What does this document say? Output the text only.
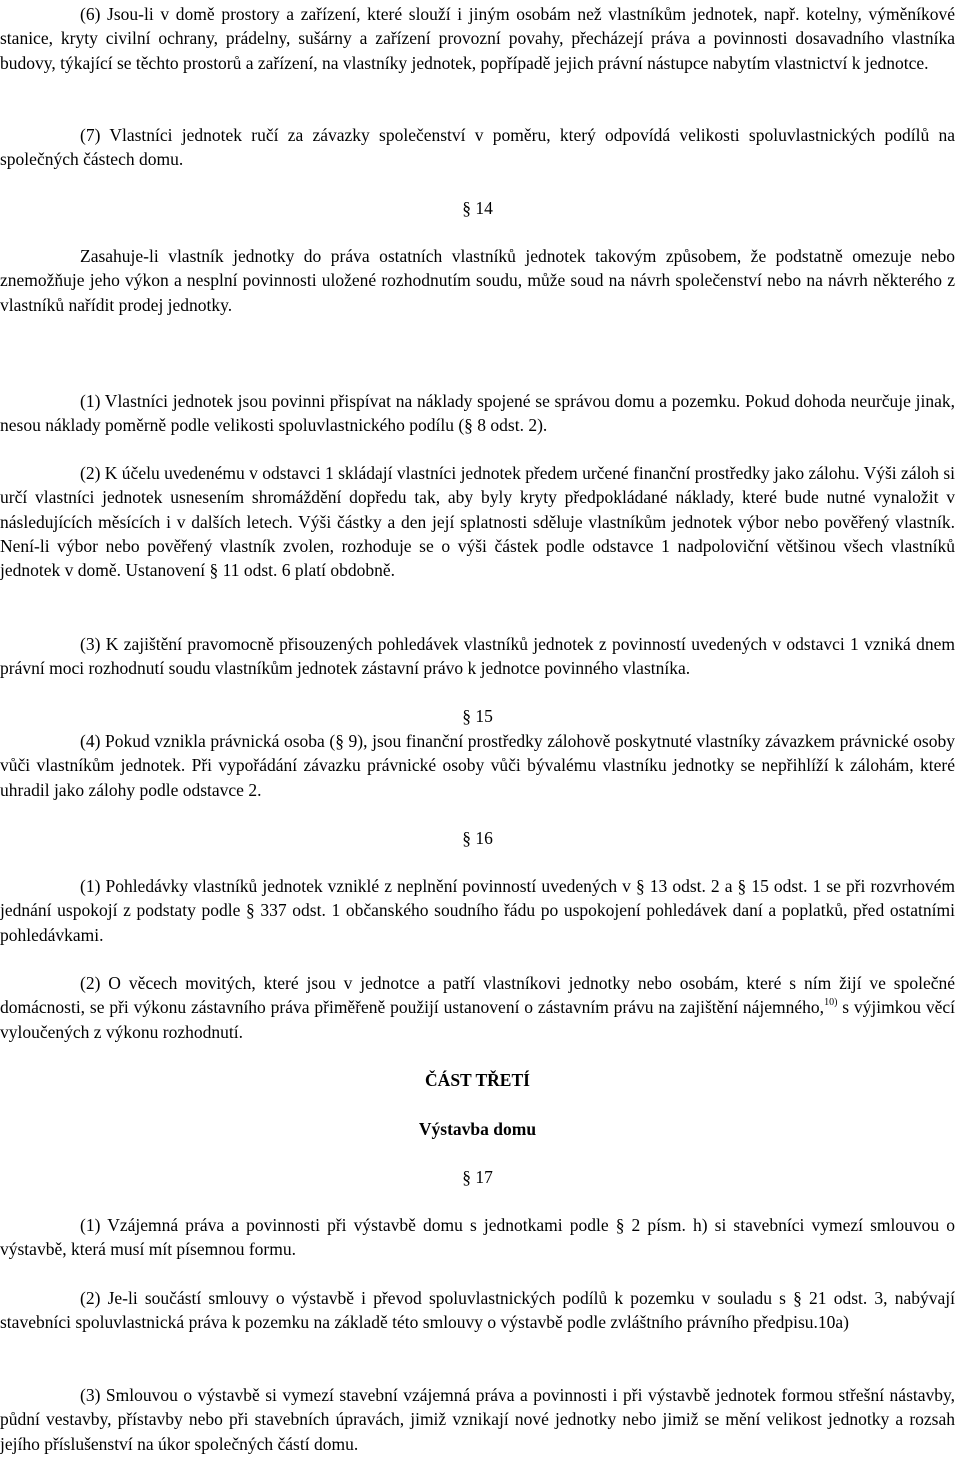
(6) Jsou-li v domě prostory a zařízení, které slouží i jiným osobám než vlastníkům jednotek, např. kotelny, výměníkové stanice, kryty civilní ochrany, prádelny, sušárny a zařízení provozní povahy, přecházejí práva a povinnosti dosavadního vlastníka budovy, týkající se těchto prostorů a zařízení, na vlastníky jednotek, popřípadě jejich právní nástupce nabytím vlastnictví k jednotce.

(7) Vlastníci jednotek ručí za závazky společenství v poměru, který odpovídá velikosti spoluvlastnických podílů na společných částech domu.

§ 14

Zasahuje-li vlastník jednotky do práva ostatních vlastníků jednotek takovým způsobem, že podstatně omezuje nebo znemožňuje jeho výkon a nesplní povinnosti uložené rozhodnutím soudu, může soud na návrh společenství nebo na návrh některého z vlastníků nařídit prodej jednotky.

§ 15

(1) Vlastníci jednotek jsou povinni přispívat na náklady spojené se správou domu a pozemku. Pokud dohoda neurčuje jinak, nesou náklady poměrně podle velikosti spoluvlastnického podílu (§ 8 odst. 2).

(2) K účelu uvedenému v odstavci 1 skládají vlastníci jednotek předem určené finanční prostředky jako zálohu. Výši záloh si určí vlastníci jednotek usnesením shromáždění dopředu tak, aby byly kryty předpokládané náklady, které bude nutné vynaložit v následujících měsících i v dalších letech. Výši částky a den její splatnosti sděluje vlastníkům jednotek výbor nebo pověřený vlastník. Není-li výbor nebo pověřený vlastník zvolen, rozhoduje se o výši částek podle odstavce 1 nadpoloviční většinou všech vlastníků jednotek v domě. Ustanovení § 11 odst. 6 platí obdobně.

(3) K zajištění pravomocně přisouzených pohledávek vlastníků jednotek z povinností uvedených v odstavci 1 vzniká dnem právní moci rozhodnutí soudu vlastníkům jednotek zástavní právo k jednotce povinného vlastníka.

(4) Pokud vznikla právnická osoba (§ 9), jsou finanční prostředky zálohově poskytnuté vlastníky závazkem právnické osoby vůči vlastníkům jednotek. Při vypořádání závazku právnické osoby vůči bývalému vlastníku jednotky se nepřihlíží k zálohám, které uhradil jako zálohy podle odstavce 2.

§ 16

(1) Pohledávky vlastníků jednotek vzniklé z neplnění povinností uvedených v § 13 odst. 2 a § 15 odst. 1 se při rozvrhovém jednání uspokojí z podstaty podle § 337 odst. 1 občanského soudního řádu po uspokojení pohledávek daní a poplatků, před ostatními pohledávkami.

(2) O věcech movitých, které jsou v jednotce a patří vlastníkovi jednotky nebo osobám, které s ním žijí ve společné domácnosti, se při výkonu zástavního práva přiměřeně použijí ustanovení o zástavním právu na zajištění nájemného,$^{10)}$ s výjimkou věcí vyloučených z výkonu rozhodnutí.

ČÁST TŘETÍ

Výstavba domu

§ 17

(1) Vzájemná práva a povinnosti při výstavbě domu s jednotkami podle § 2 písm. h) si stavebníci vymezí smlouvou o výstavbě, která musí mít písemnou formu.

(2) Je-li součástí smlouvy o výstavbě i převod spoluvlastnických podílů k pozemku v souladu s § 21 odst. 3, nabývají stavebníci spoluvlastnická práva k pozemku na základě této smlouvy o výstavbě podle zvláštního právního předpisu.10a)

(3) Smlouvou o výstavbě si vymezí stavební vzájemná práva a povinnosti i při výstavbě jednotek formou střešní nástavby, půdní vestavby, přístavby nebo při stavebních úpravách, jimiž vznikají nové jednotky nebo jimiž se mění velikost jednotky a rozsah jejího příslušenství na úkor společných částí domu.
